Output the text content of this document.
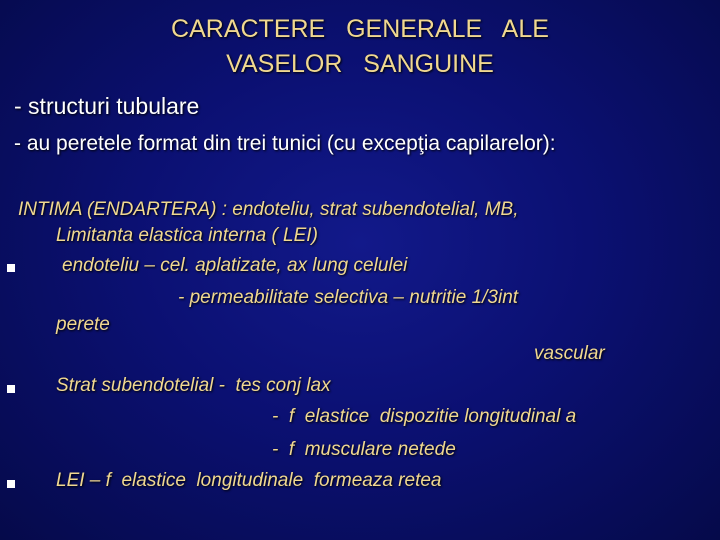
CARACTERE   GENERALE   ALE
VASELOR   SANGUINE
- structuri tubulare
- au peretele format din trei tunici (cu excepţia capilarelor):
INTIMA (ENDARTERA) : endoteliu, strat subendotelial, MB,
Limitanta elastica interna ( LEI)
endoteliu – cel. aplatizate, ax lung celulei
- permeabilitate selectiva – nutritie 1/3int
perete
vascular
Strat subendotelial -  tes conj lax
-  f  elastice  dispozitie longitudinal a
-  f  musculare netede
LEI – f  elastice  longitudinale  formeaza retea
